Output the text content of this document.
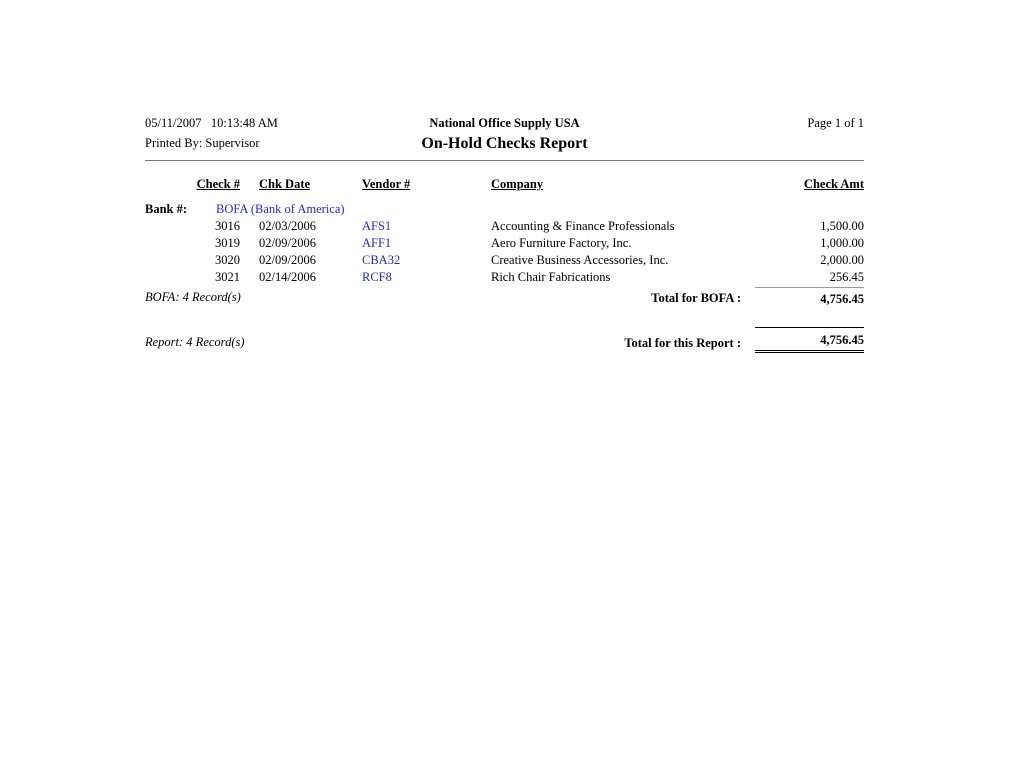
05/11/2007   10:13:48 AM	National Office Supply USA	Page 1 of 1
Printed By: Supervisor	On-Hold Checks Report
Check #	Chk Date	Vendor #	Company	Check Amt
Bank #: BOFA (Bank of America)
3016	02/03/2006	AFS1	Accounting & Finance Professionals	1,500.00
3019	02/09/2006	AFF1	Aero Furniture Factory, Inc.	1,000.00
3020	02/09/2006	CBA32	Creative Business Accessories, Inc.	2,000.00
3021	02/14/2006	RCF8	Rich Chair Fabrications	256.45
BOFA: 4 Record(s)	Total for BOFA :	4,756.45
Report: 4 Record(s)	Total for this Report :	4,756.45
